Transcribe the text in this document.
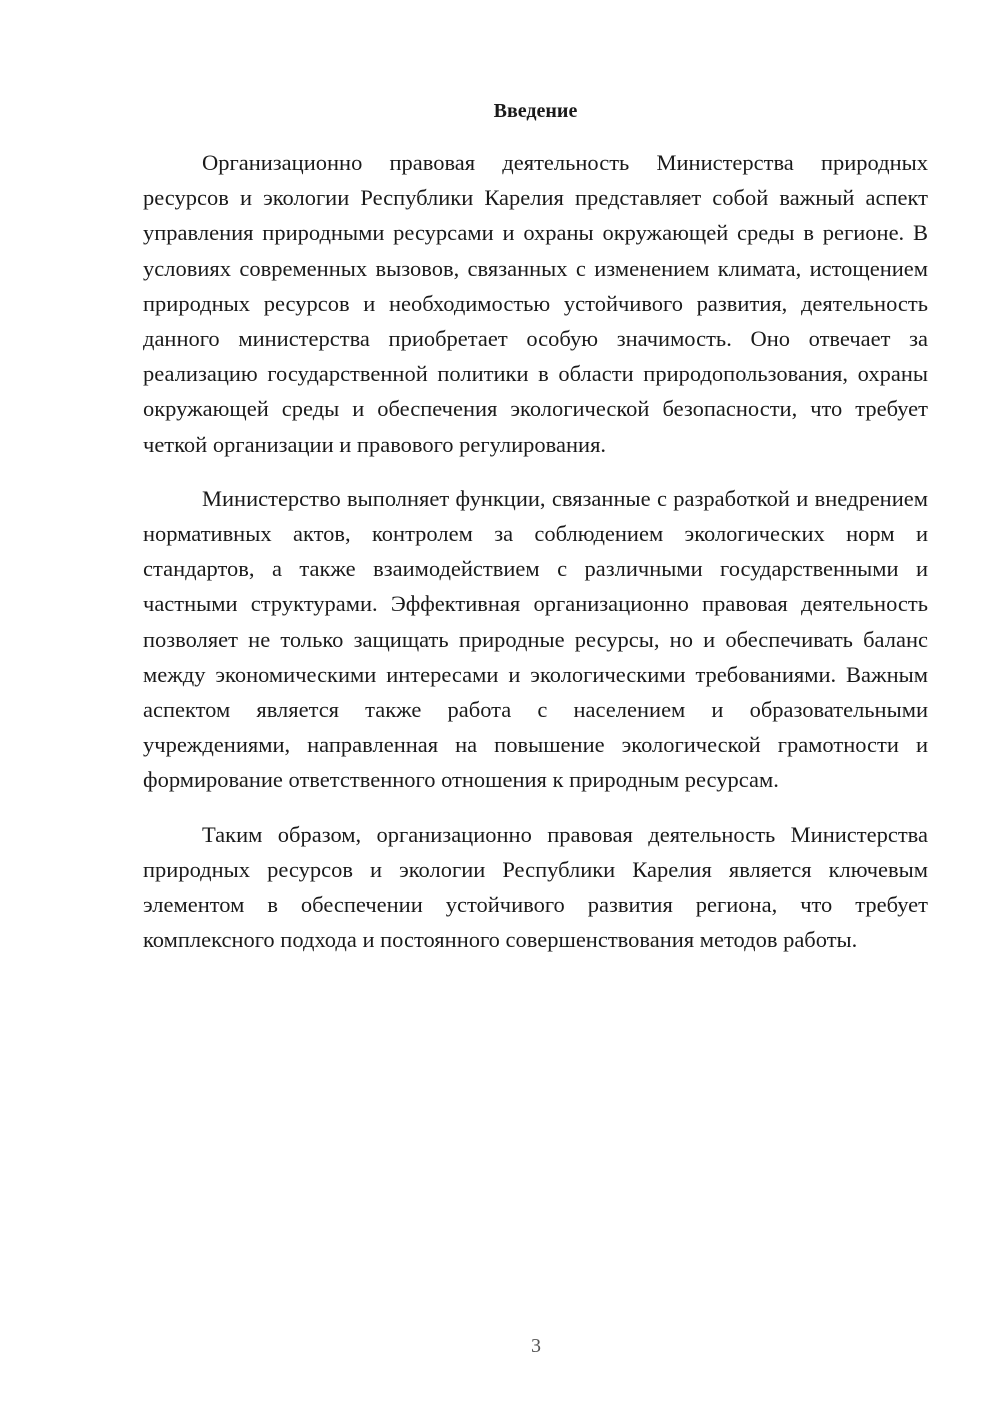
Введение

Организационно правовая деятельность Министерства природных ресурсов и экологии Республики Карелия представляет собой важный аспект управления природными ресурсами и охраны окружающей среды в регионе. В условиях современных вызовов, связанных с изменением климата, истощением природных ресурсов и необходимостью устойчивого развития, деятельность данного министерства приобретает особую значимость. Оно отвечает за реализацию государственной политики в области природопользования, охраны окружающей среды и обеспечения экологической безопасности, что требует четкой организации и правового регулирования.

Министерство выполняет функции, связанные с разработкой и внедрением нормативных актов, контролем за соблюдением экологических норм и стандартов, а также взаимодействием с различными государственными и частными структурами. Эффективная организационно правовая деятельность позволяет не только защищать природные ресурсы, но и обеспечивать баланс между экономическими интересами и экологическими требованиями. Важным аспектом является также работа с населением и образовательными учреждениями, направленная на повышение экологической грамотности и формирование ответственного отношения к природным ресурсам.

Таким образом, организационно правовая деятельность Министерства природных ресурсов и экологии Республики Карелия является ключевым элементом в обеспечении устойчивого развития региона, что требует комплексного подхода и постоянного совершенствования методов работы.

3
